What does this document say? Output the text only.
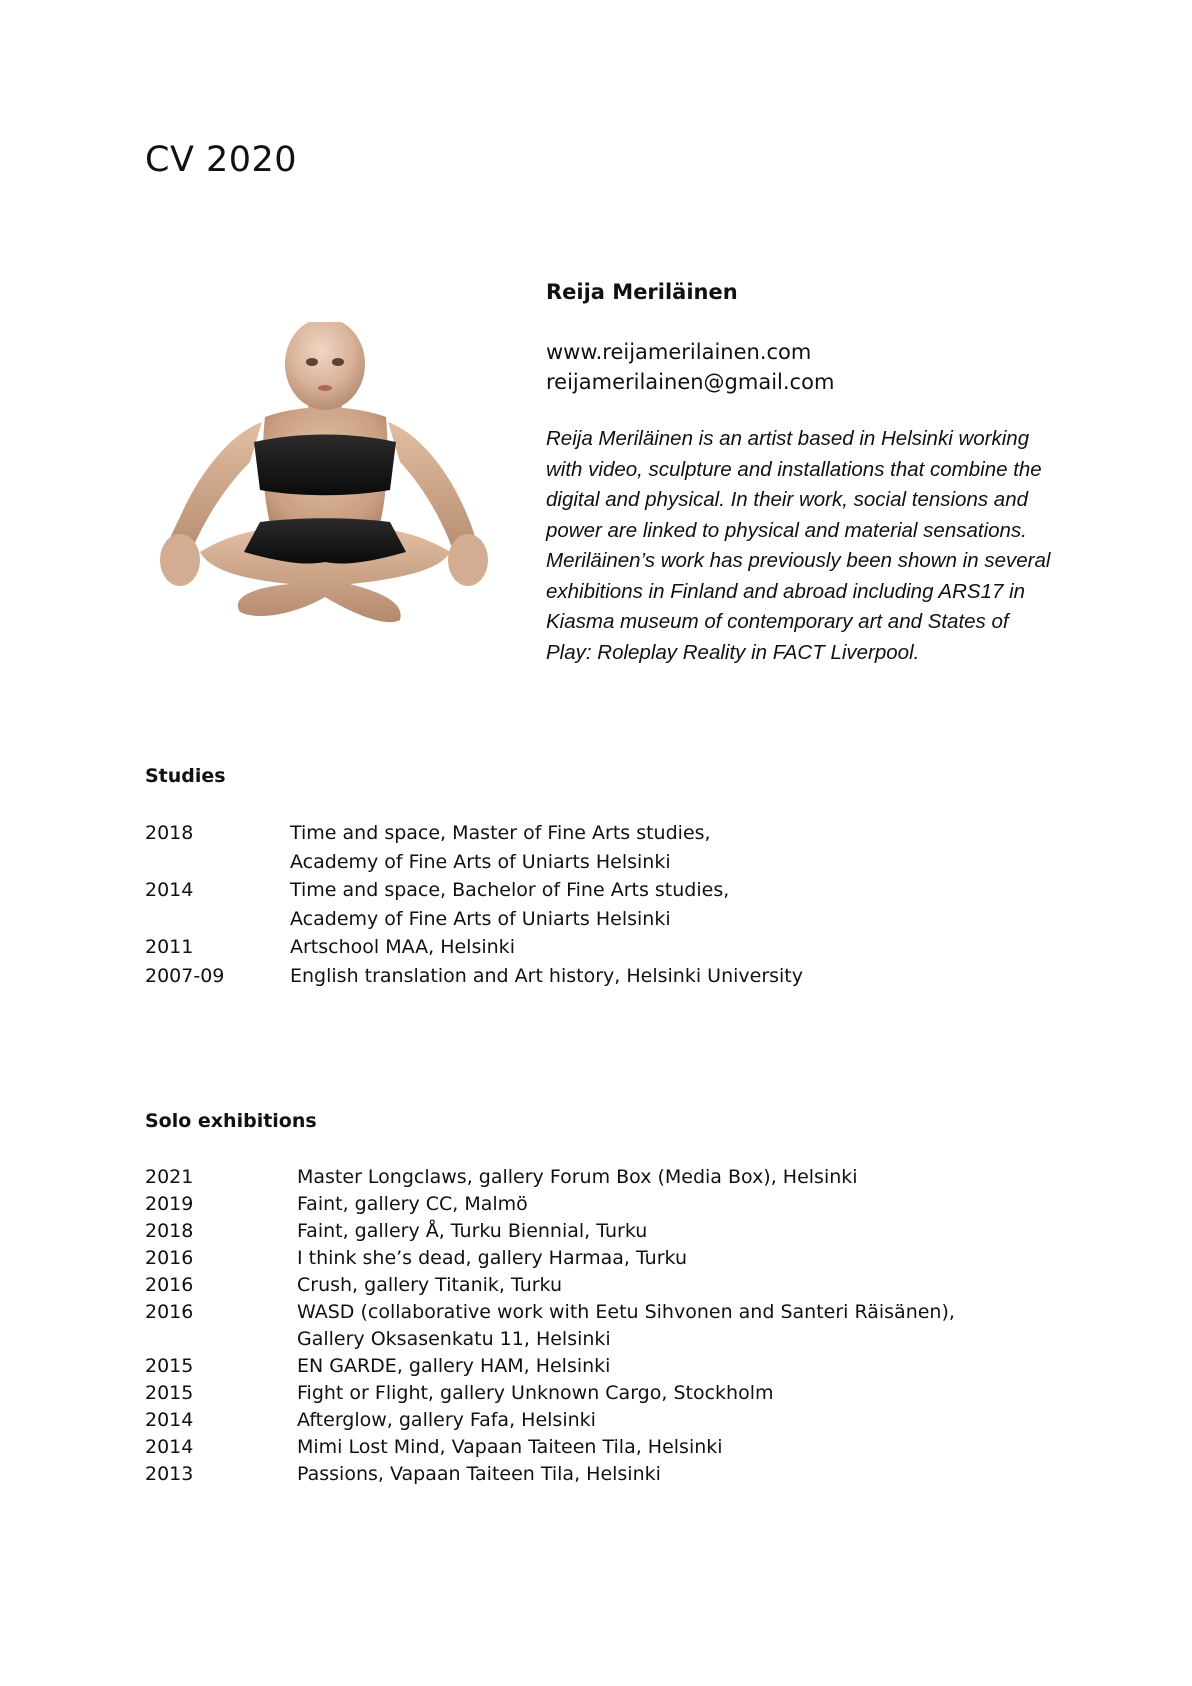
CV 2020
Reija Meriläinen
www.reijamerilainen.com
reijamerilainen@gmail.com

Reija Meriläinen is an artist based in Helsinki working with video, sculpture and installations that combine the digital and physical. In their work, social tensions and power are linked to physical and material sensations. Meriläinen’s work has previously been shown in several exhibitions in Finland and abroad including ARS17 in Kiasma museum of contemporary art and States of Play: Roleplay Reality in FACT Liverpool.

Studies
2018	Time and space, Master of Fine Arts studies,
Academy of Fine Arts of Uniarts Helsinki
2014	Time and space, Bachelor of Fine Arts studies,
Academy of Fine Arts of Uniarts Helsinki
2011	Artschool MAA, Helsinki
2007-09	English translation and Art history, Helsinki University
Solo exhibitions
2021	Master Longclaws, gallery Forum Box (Media Box), Helsinki
2019	Faint, gallery CC, Malmö
2018	Faint, gallery Å, Turku Biennial, Turku
2016	I think she’s dead, gallery Harmaa, Turku
2016	Crush, gallery Titanik, Turku
2016	WASD (collaborative work with Eetu Sihvonen and Santeri Räisänen),
Gallery Oksasenkatu 11, Helsinki
2015	EN GARDE, gallery HAM, Helsinki
2015	Fight or Flight, gallery Unknown Cargo, Stockholm
2014	Afterglow, gallery Fafa, Helsinki
2014	Mimi Lost Mind, Vapaan Taiteen Tila, Helsinki
2013	Passions, Vapaan Taiteen Tila, Helsinki
